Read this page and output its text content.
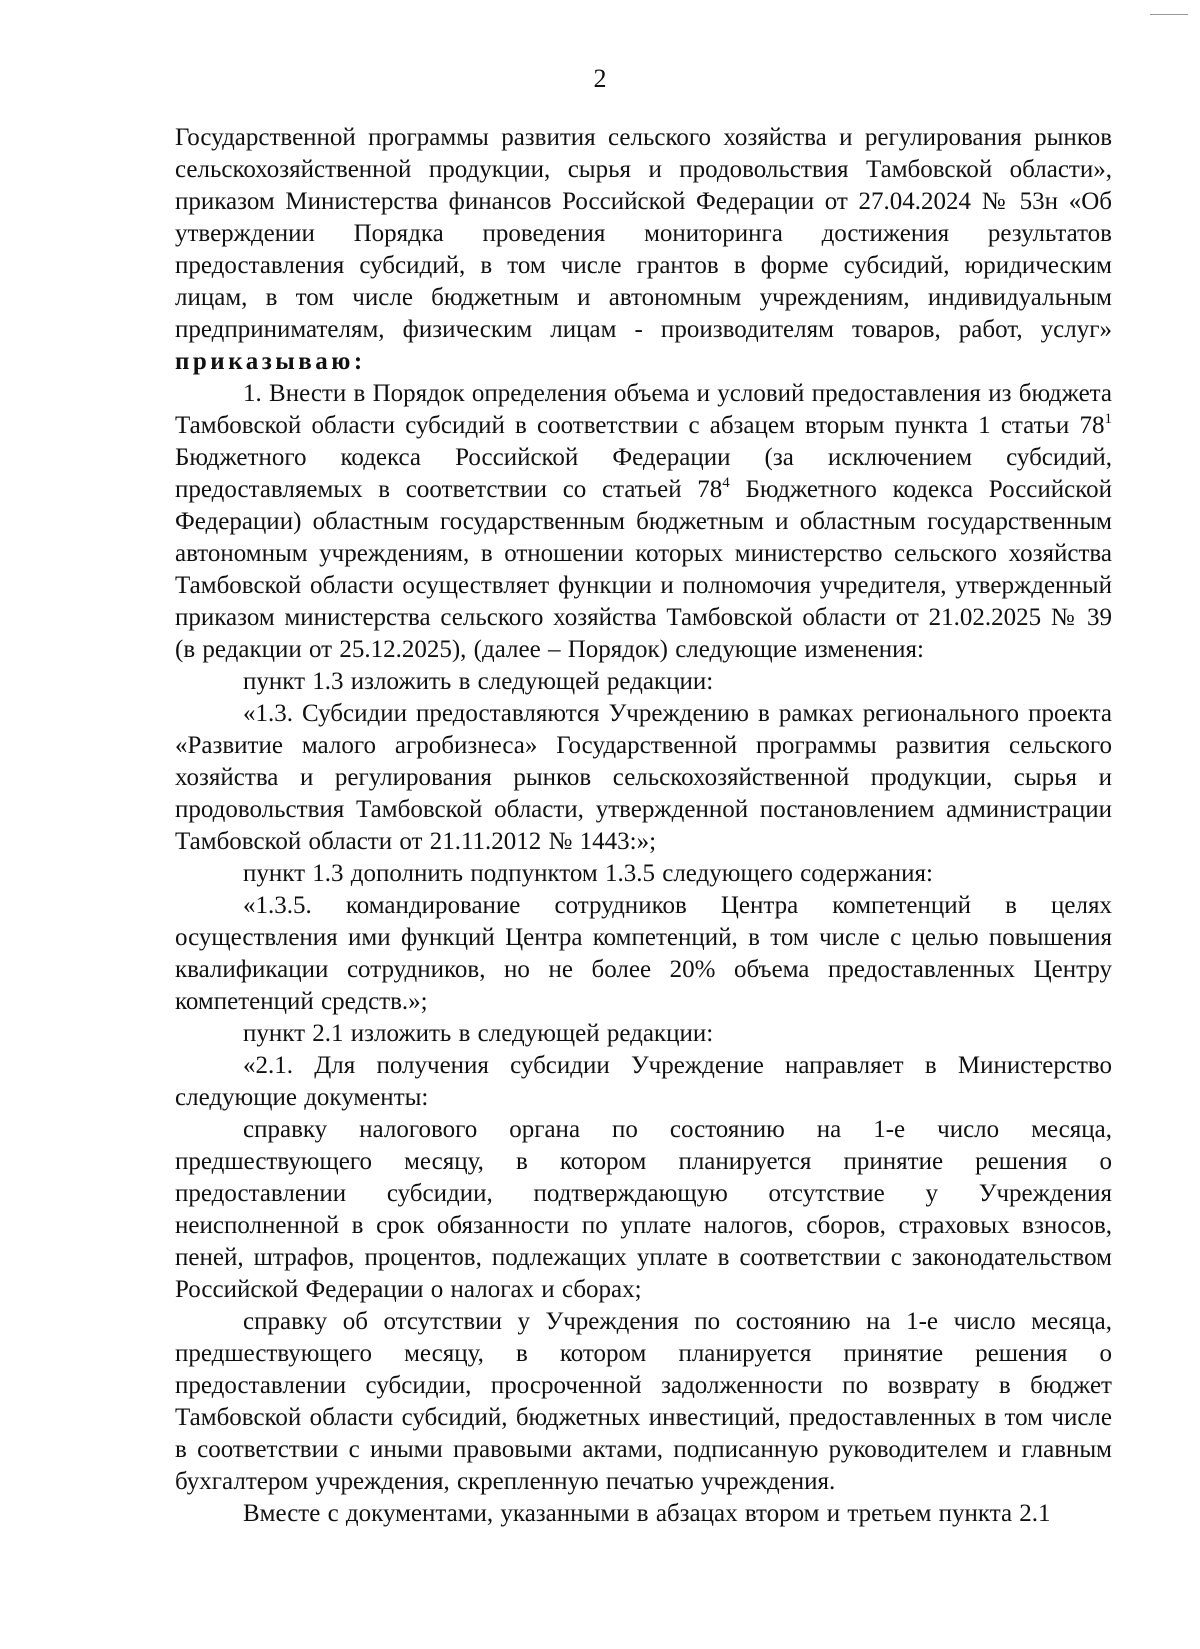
2

Государственной программы развития сельского хозяйства и регулирования рынков сельскохозяйственной продукции, сырья и продовольствия Тамбовской области», приказом Министерства финансов Российской Федерации от 27.04.2024 № 53н «Об утверждении Порядка проведения мониторинга достижения результатов предоставления субсидий, в том числе грантов в форме субсидий, юридическим лицам, в том числе бюджетным и автономным учреждениям, индивидуальным предпринимателям, физическим лицам - производителям товаров, работ, услуг» приказываю:

1. Внести в Порядок определения объема и условий предоставления из бюджета Тамбовской области субсидий в соответствии с абзацем вторым пункта 1 статьи $78^1$ Бюджетного кодекса Российской Федерации (за исключением субсидий, предоставляемых в соответствии со статьей $78^4$ Бюджетного кодекса Российской Федерации) областным государственным бюджетным и областным государственным автономным учреждениям, в отношении которых министерство сельского хозяйства Тамбовской области осуществляет функции и полномочия учредителя, утвержденный приказом министерства сельского хозяйства Тамбовской области от 21.02.2025 № 39 (в редакции от 25.12.2025), (далее – Порядок) следующие изменения:

пункт 1.3 изложить в следующей редакции:

«1.3. Субсидии предоставляются Учреждению в рамках регионального проекта «Развитие малого агробизнеса» Государственной программы развития сельского хозяйства и регулирования рынков сельскохозяйственной продукции, сырья и продовольствия Тамбовской области, утвержденной постановлением администрации Тамбовской области от 21.11.2012 № 1443:»;

пункт 1.3 дополнить подпунктом 1.3.5 следующего содержания:

«1.3.5. командирование сотрудников Центра компетенций в целях осуществления ими функций Центра компетенций, в том числе с целью повышения квалификации сотрудников, но не более 20% объема предоставленных Центру компетенций средств.»;

пункт 2.1 изложить в следующей редакции:

«2.1. Для получения субсидии Учреждение направляет в Министерство следующие документы:

справку налогового органа по состоянию на 1-е число месяца, предшествующего месяцу, в котором планируется принятие решения о предоставлении субсидии, подтверждающую отсутствие у Учреждения неисполненной в срок обязанности по уплате налогов, сборов, страховых взносов, пеней, штрафов, процентов, подлежащих уплате в соответствии с законодательством Российской Федерации о налогах и сборах;

справку об отсутствии у Учреждения по состоянию на 1-е число месяца, предшествующего месяцу, в котором планируется принятие решения о предоставлении субсидии, просроченной задолженности по возврату в бюджет Тамбовской области субсидий, бюджетных инвестиций, предоставленных в том числе в соответствии с иными правовыми актами, подписанную руководителем и главным бухгалтером учреждения, скрепленную печатью учреждения.

Вместе с документами, указанными в абзацах втором и третьем пункта 2.1
